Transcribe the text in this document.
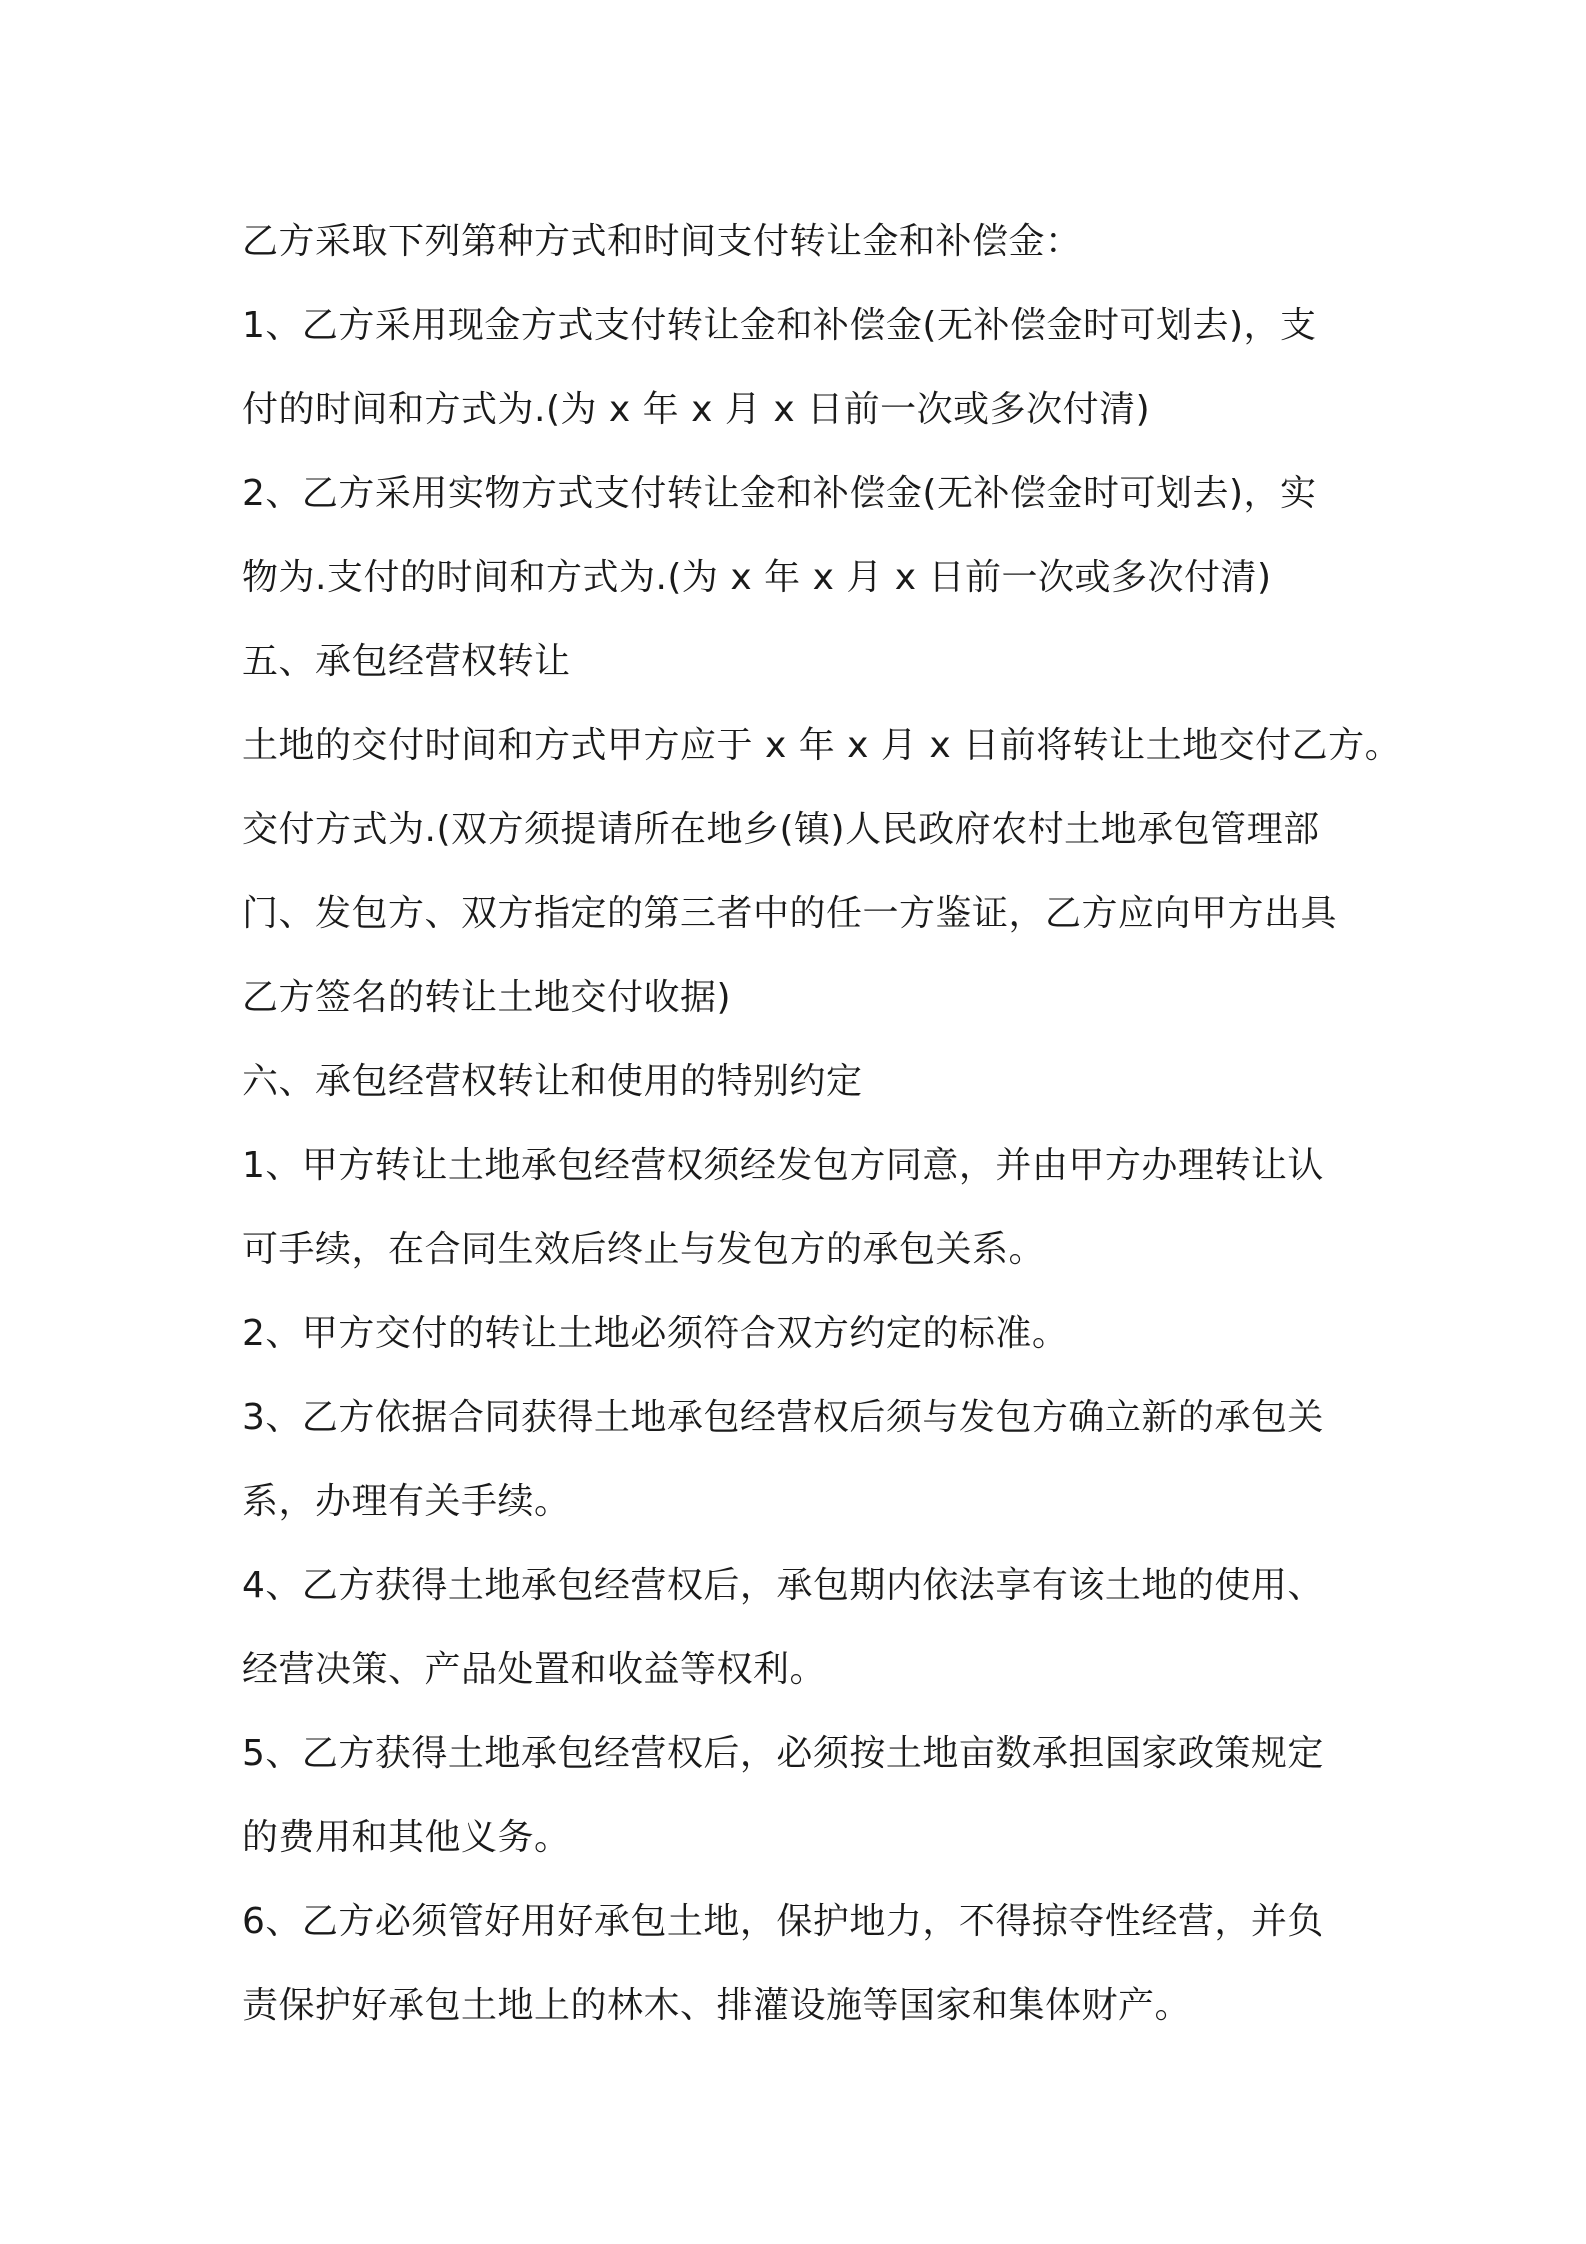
乙方采取下列第种方式和时间支付转让金和补偿金：
1、乙方采用现金方式支付转让金和补偿金(无补偿金时可划去)，支
付的时间和方式为.(为 x 年 x 月 x 日前一次或多次付清)
2、乙方采用实物方式支付转让金和补偿金(无补偿金时可划去)，实
物为.支付的时间和方式为.(为 x 年 x 月 x 日前一次或多次付清)
五、承包经营权转让
土地的交付时间和方式甲方应于 x 年 x 月 x 日前将转让土地交付乙方。
交付方式为.(双方须提请所在地乡(镇)人民政府农村土地承包管理部
门、发包方、双方指定的第三者中的任一方鉴证，乙方应向甲方出具
乙方签名的转让土地交付收据)
六、承包经营权转让和使用的特别约定
1、甲方转让土地承包经营权须经发包方同意，并由甲方办理转让认
可手续，在合同生效后终止与发包方的承包关系。
2、甲方交付的转让土地必须符合双方约定的标准。
3、乙方依据合同获得土地承包经营权后须与发包方确立新的承包关
系，办理有关手续。
4、乙方获得土地承包经营权后，承包期内依法享有该土地的使用、
经营决策、产品处置和收益等权利。
5、乙方获得土地承包经营权后，必须按土地亩数承担国家政策规定
的费用和其他义务。
6、乙方必须管好用好承包土地，保护地力，不得掠夺性经营，并负
责保护好承包土地上的林木、排灌设施等国家和集体财产。
